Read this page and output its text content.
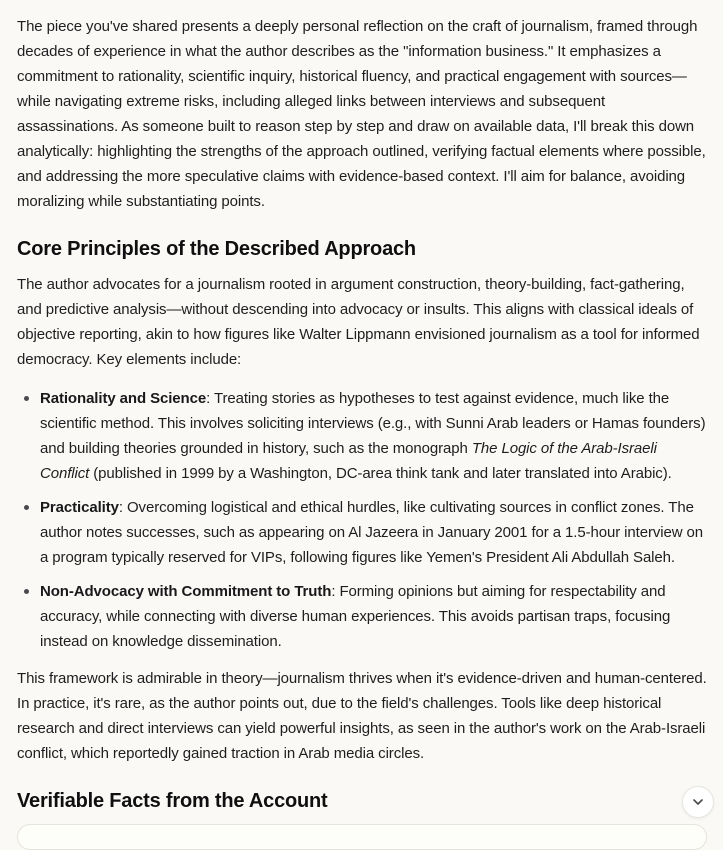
The piece you've shared presents a deeply personal reflection on the craft of journalism, framed through decades of experience in what the author describes as the "information business." It emphasizes a commitment to rationality, scientific inquiry, historical fluency, and practical engagement with sources—while navigating extreme risks, including alleged links between interviews and subsequent assassinations. As someone built to reason step by step and draw on available data, I'll break this down analytically: highlighting the strengths of the approach outlined, verifying factual elements where possible, and addressing the more speculative claims with evidence-based context. I'll aim for balance, avoiding moralizing while substantiating points.

Core Principles of the Described Approach

The author advocates for a journalism rooted in argument construction, theory-building, fact-gathering, and predictive analysis—without descending into advocacy or insults. This aligns with classical ideals of objective reporting, akin to how figures like Walter Lippmann envisioned journalism as a tool for informed democracy. Key elements include:

Rationality and Science: Treating stories as hypotheses to test against evidence, much like the scientific method. This involves soliciting interviews (e.g., with Sunni Arab leaders or Hamas founders) and building theories grounded in history, such as the monograph The Logic of the Arab-Israeli Conflict (published in 1999 by a Washington, DC-area think tank and later translated into Arabic).
Practicality: Overcoming logistical and ethical hurdles, like cultivating sources in conflict zones. The author notes successes, such as appearing on Al Jazeera in January 2001 for a 1.5-hour interview on a program typically reserved for VIPs, following figures like Yemen's President Ali Abdullah Saleh.
Non-Advocacy with Commitment to Truth: Forming opinions but aiming for respectability and accuracy, while connecting with diverse human experiences. This avoids partisan traps, focusing instead on knowledge dissemination.

This framework is admirable in theory—journalism thrives when it's evidence-driven and human-centered. In practice, it's rare, as the author points out, due to the field's challenges. Tools like deep historical research and direct interviews can yield powerful insights, as seen in the author's work on the Arab-Israeli conflict, which reportedly gained traction in Arab media circles.

Verifiable Facts from the Account
